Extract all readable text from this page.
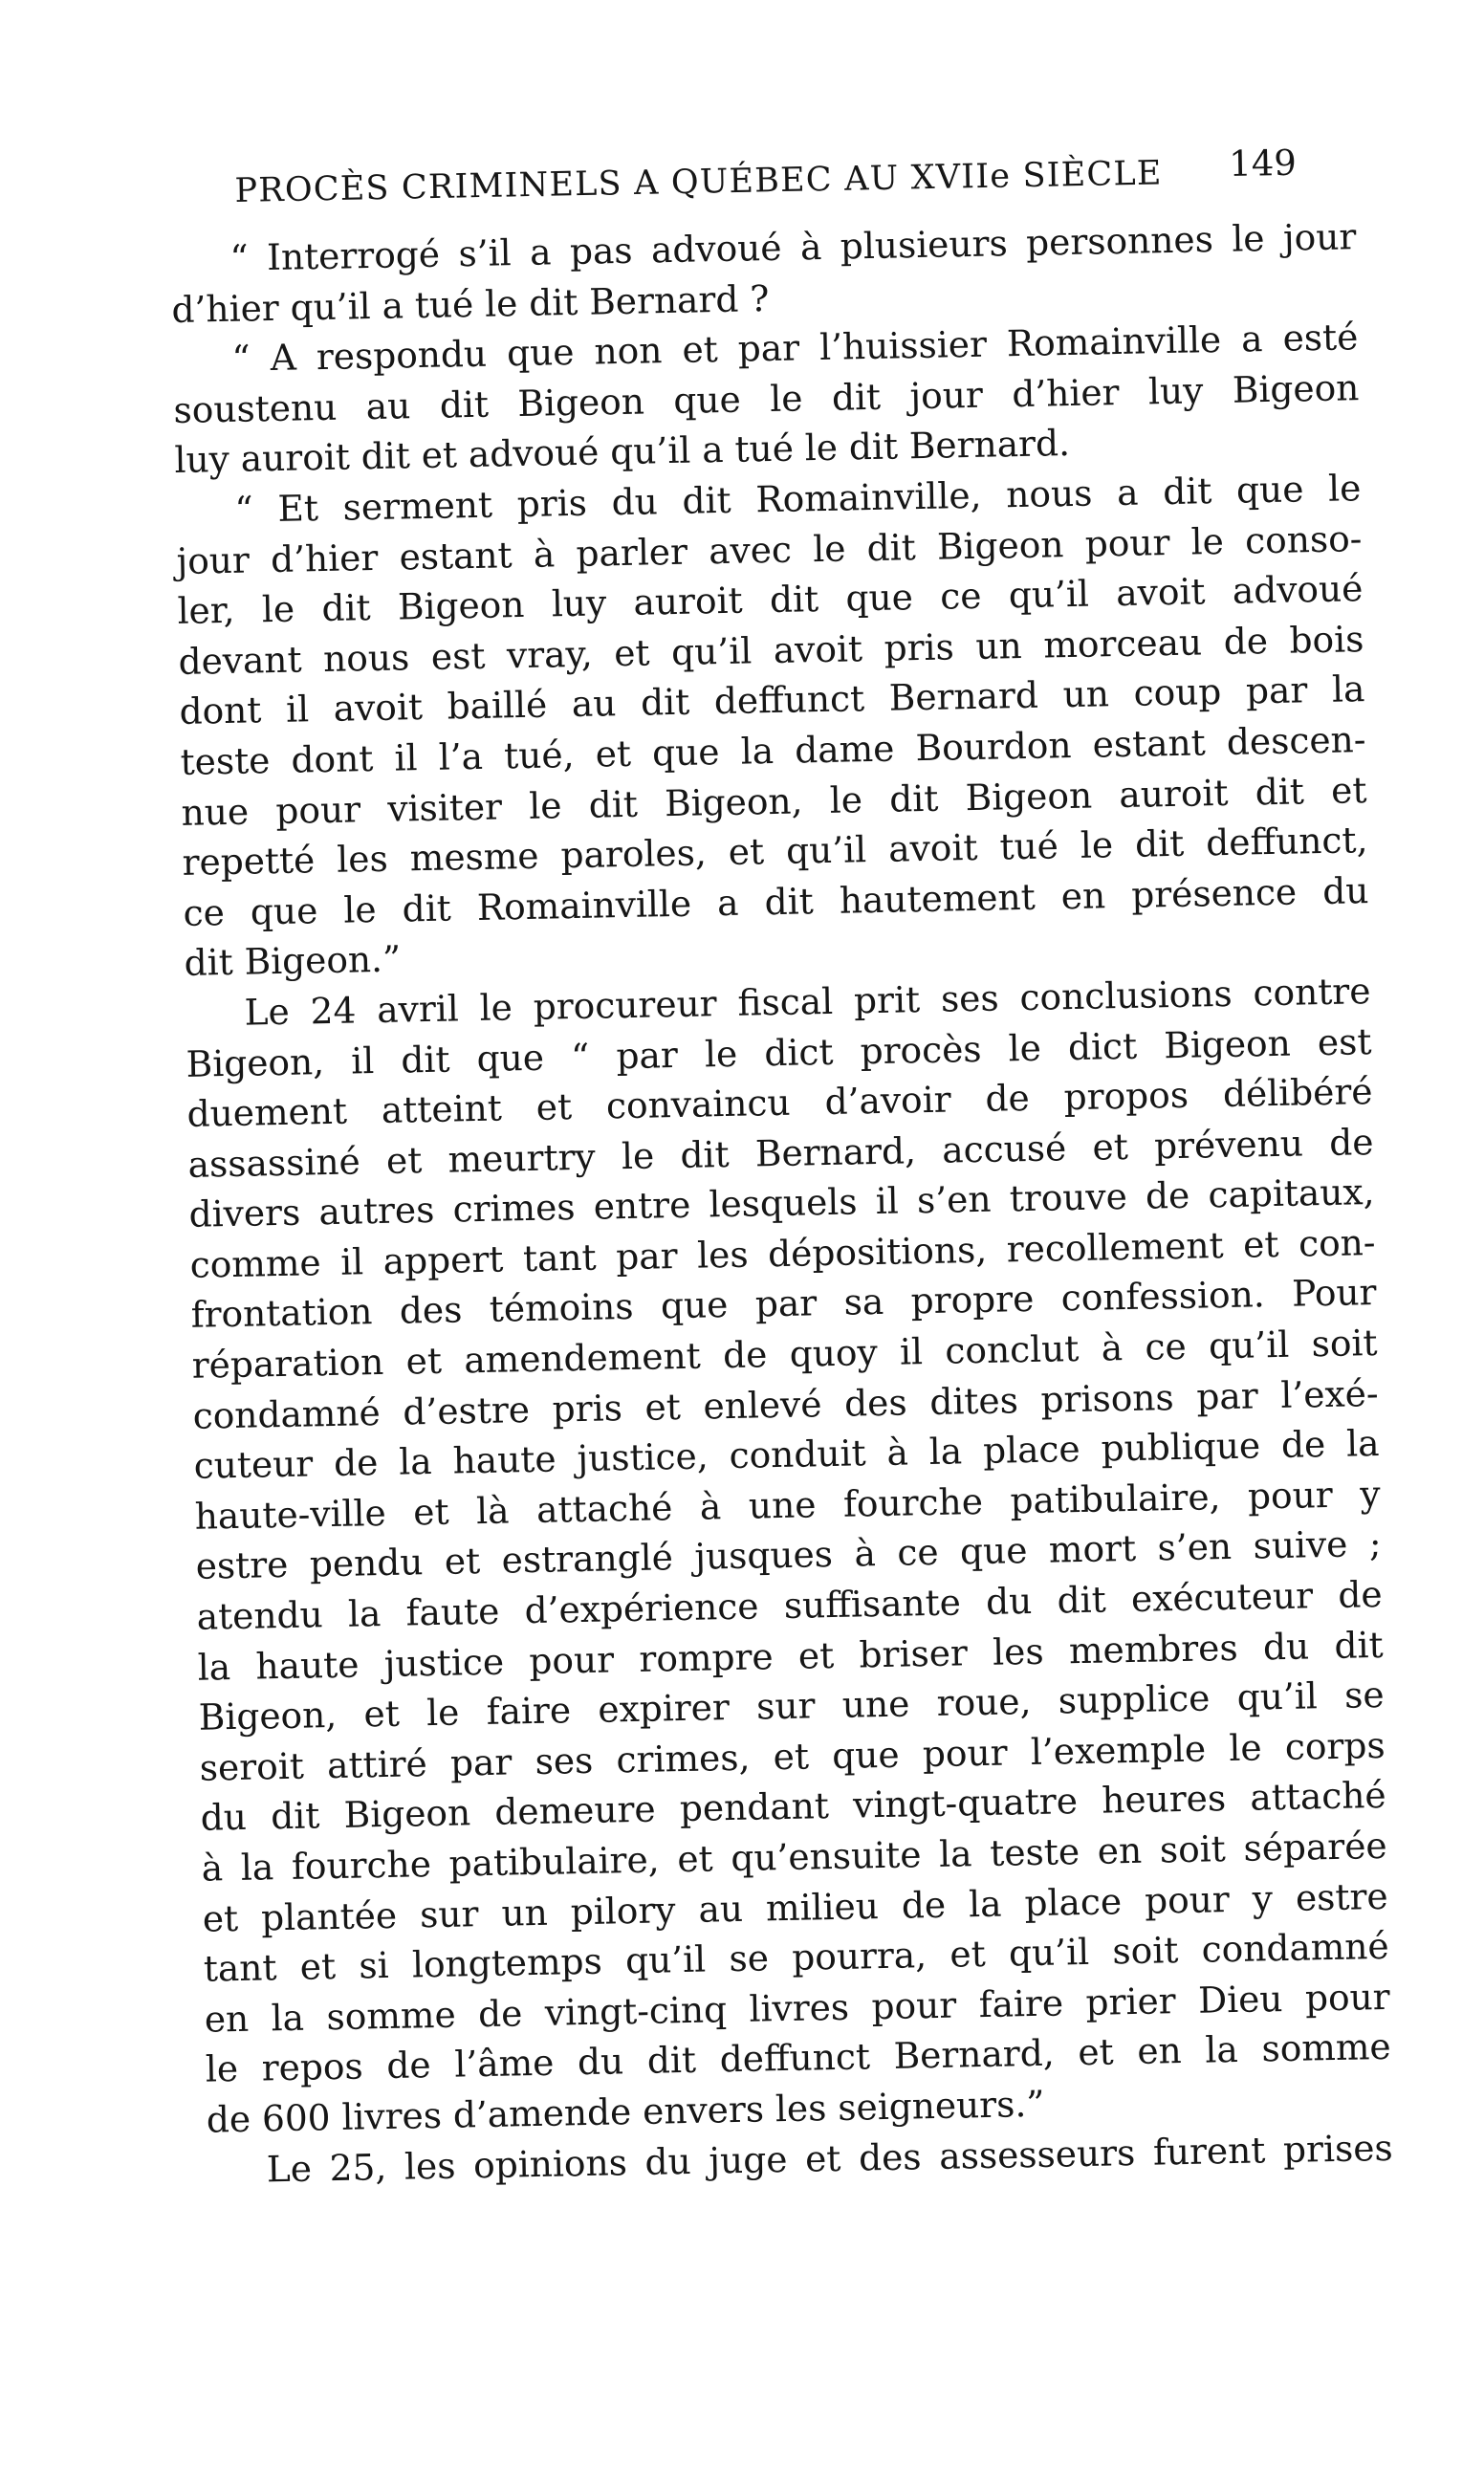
PROCÈS CRIMINELS A QUÉBEC AU XVIIe SIÈCLE 149
“ Interrogé s’il a pas advoué à plusieurs personnes le jour
d’hier qu’il a tué le dit Bernard ?
“ A respondu que non et par l’huissier Romainville a esté
soustenu au dit Bigeon que le dit jour d’hier luy Bigeon
luy auroit dit et advoué qu’il a tué le dit Bernard.
“ Et serment pris du dit Romainville, nous a dit que le
jour d’hier estant à parler avec le dit Bigeon pour le conso-
ler, le dit Bigeon luy auroit dit que ce qu’il avoit advoué
devant nous est vray, et qu’il avoit pris un morceau de bois
dont il avoit baillé au dit deffunct Bernard un coup par la
teste dont il l’a tué, et que la dame Bourdon estant descen-
nue pour visiter le dit Bigeon, le dit Bigeon auroit dit et
repetté les mesme paroles, et qu’il avoit tué le dit deffunct,
ce que le dit Romainville a dit hautement en présence du
dit Bigeon.”
Le 24 avril le procureur fiscal prit ses conclusions contre
Bigeon, il dit que “ par le dict procès le dict Bigeon est
duement atteint et convaincu d’avoir de propos délibéré
assassiné et meurtry le dit Bernard, accusé et prévenu de
divers autres crimes entre lesquels il s’en trouve de capitaux,
comme il appert tant par les dépositions, recollement et con-
frontation des témoins que par sa propre confession. Pour
réparation et amendement de quoy il conclut à ce qu’il soit
condamné d’estre pris et enlevé des dites prisons par l’exé-
cuteur de la haute justice, conduit à la place publique de la
haute-ville et là attaché à une fourche patibulaire, pour y
estre pendu et estranglé jusques à ce que mort s’en suive ;
atendu la faute d’expérience suffisante du dit exécuteur de
la haute justice pour rompre et briser les membres du dit
Bigeon, et le faire expirer sur une roue, supplice qu’il se
seroit attiré par ses crimes, et que pour l’exemple le corps
du dit Bigeon demeure pendant vingt-quatre heures attaché
à la fourche patibulaire, et qu’ensuite la teste en soit séparée
et plantée sur un pilory au milieu de la place pour y estre
tant et si longtemps qu’il se pourra, et qu’il soit condamné
en la somme de vingt-cinq livres pour faire prier Dieu pour
le repos de l’âme du dit deffunct Bernard, et en la somme
de 600 livres d’amende envers les seigneurs.”
Le 25, les opinions du juge et des assesseurs furent prises
